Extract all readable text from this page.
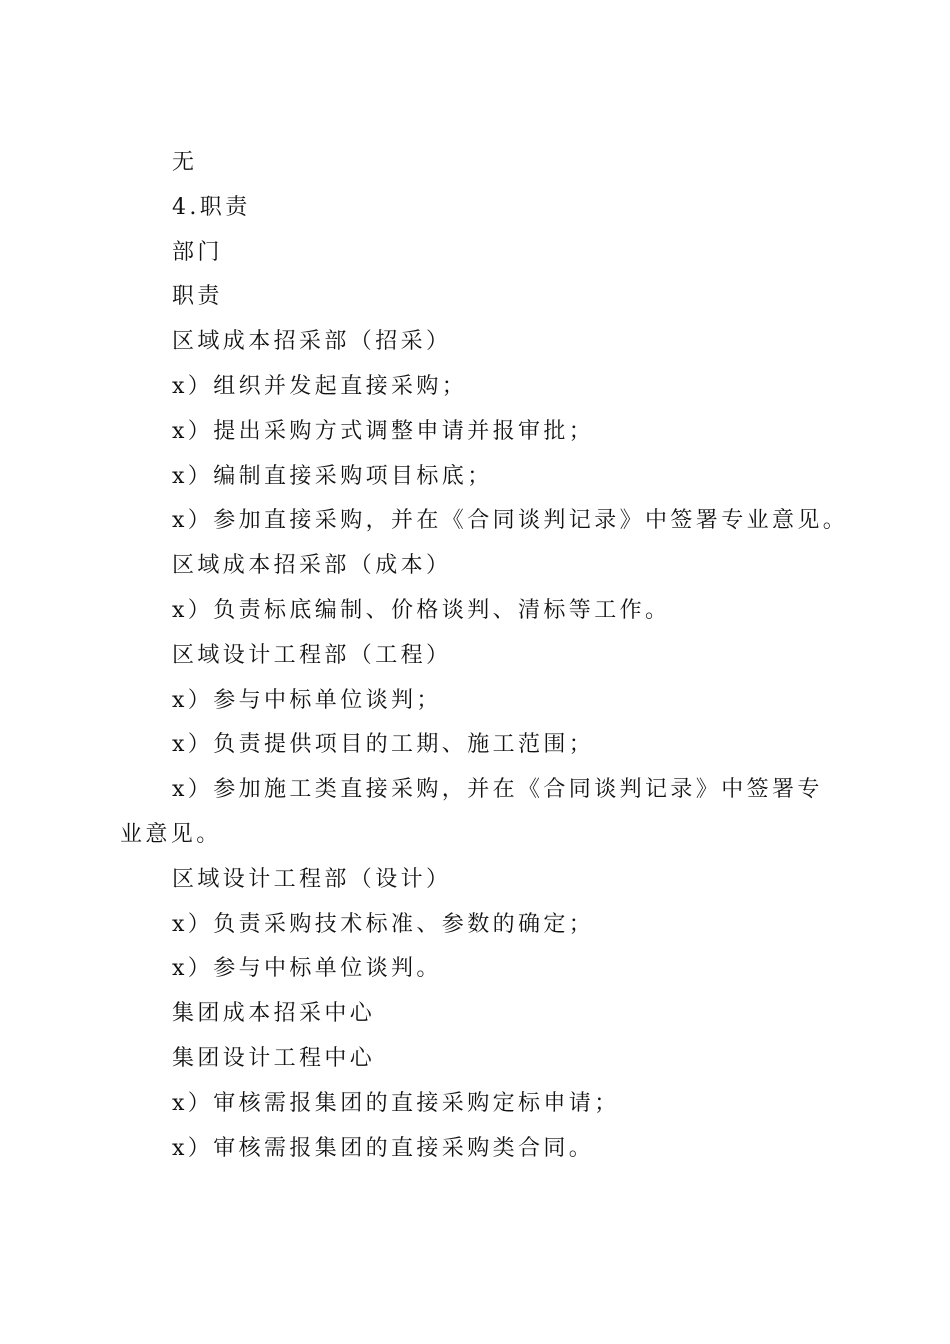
无

4.职责

部门

职责

区域成本招采部（招采）

x）组织并发起直接采购；

x）提出采购方式调整申请并报审批；

x）编制直接采购项目标底；

x）参加直接采购，并在《合同谈判记录》中签署专业意见。

区域成本招采部（成本）

x）负责标底编制、价格谈判、清标等工作。

区域设计工程部（工程）

x）参与中标单位谈判；

x）负责提供项目的工期、施工范围；

x）参加施工类直接采购，并在《合同谈判记录》中签署专业意见。

区域设计工程部（设计）

x）负责采购技术标准、参数的确定；

x）参与中标单位谈判。

集团成本招采中心

集团设计工程中心

x）审核需报集团的直接采购定标申请；

x）审核需报集团的直接采购类合同。
